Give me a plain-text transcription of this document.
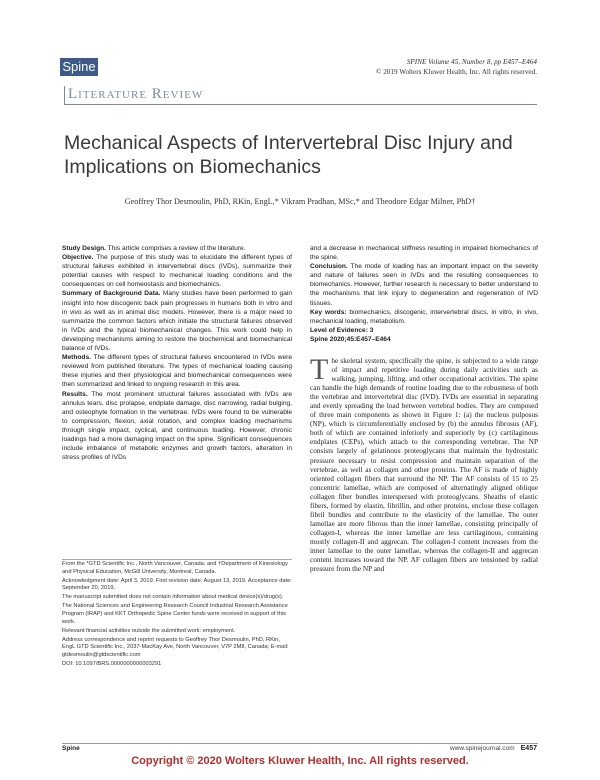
Spine	SPINE Volume 45, Number 8, pp E457–E464
© 2019 Wolters Kluwer Health, Inc. All rights reserved.
Literature Review
Mechanical Aspects of Intervertebral Disc Injury and Implications on Biomechanics
Geoffrey Thor Desmoulin, PhD, RKin, EngL,* Vikram Pradhan, MSc,* and Theodore Edgar Milner, PhD†

Study Design. This article comprises a review of the literature.

Objective. The purpose of this study was to elucidate the different types of structural failures exhibited in intervertebral discs (IVDs), summarize their potential causes with respect to mechanical loading conditions and the consequences on cell homeostasis and biomechanics.

Summary of Background Data. Many studies have been performed to gain insight into how discogenic back pain progresses in humans both in vitro and in vivo as well as in animal disc models. However, there is a major need to summarize the common factors which initiate the structural failures observed in IVDs and the typical biomechanical changes. This work could help in developing mechanisms aiming to restore the biochemical and biomechanical balance of IVDs.

Methods. The different types of structural failures encountered in IVDs were reviewed from published literature. The types of mechanical loading causing these injuries and their physiological and biomechanical consequences were then summarized and linked to ongoing research in this area.

Results. The most prominent structural failures associated with IVDs are annulus tears, disc prolapse, endplate damage, disc narrowing, radial bulging, and osteophyte formation in the vertebrae. IVDs were found to be vulnerable to compression, flexion, axial rotation, and complex loading mechanisms through single impact, cyclical, and continuous loading. However, chronic loadings had a more damaging impact on the spine. Significant consequences include imbalance of metabolic enzymes and growth factors, alteration in stress profiles of IVDs

and a decrease in mechanical stiffness resulting in impaired biomechanics of the spine.

Conclusion. The mode of loading has an important impact on the severity and nature of failures seen in IVDs and the resulting consequences to biomechanics. However, further research is necessary to better understand to the mechanisms that link injury to degeneration and regeneration of IVD tissues.

Key words: biomechanics, discogenic, intervertebral discs, in vitro, in vivo, mechanical loading, metabolism.

Level of Evidence: 3

Spine 2020;45:E457–E464

From the *GTD Scientific Inc., North Vancouver, Canada; and †Department of Kinesiology and Physical Education, McGill University, Montreal, Canada.

Acknowledgment date: April 3, 2019. First revision date: August 13, 2019. Acceptance date: September 20, 2019.

The manuscript submitted does not contain information about medical device(s)/drug(s).

The National Sciences and Engineering Research Council Industrial Research Assistance Program (IRAP) and KKT Orthopedic Spine Center funds were received in support of this work.

Relevant financial activities outside the submitted work: employment.

Address correspondence and reprint requests to Geoffrey Thor Desmoulin, PhD, RKin, EngL GTD Scientific Inc., 2037-MacKay Ave, North Vancouver, V7P 2M8, Canada; E-mail: gtdesmoulin@gtdscientific.com

DOI: 10.1097/BRS.0000000000003291

The skeletal system, specifically the spine, is subjected to a wide range of impact and repetitive loading during daily activities such as walking, jumping, lifting, and other occupational activities. The spine can handle the high demands of routine loading due to the robustness of both the vertebrae and intervertebral disc (IVD). IVDs are essential in separating and evenly spreading the load between vertebral bodies. They are composed of three main components as shown in Figure 1: (a) the nucleus pulposus (NP), which is circumferentially enclosed by (b) the annulus fibrosus (AF), both of which are contained inferiorly and superiorly by (c) cartilaginous endplates (CEPs), which attach to the corresponding vertebrae. The NP consists largely of gelatinous proteoglycans that maintain the hydrostatic pressure necessary to resist compression and maintain separation of the vertebrae, as well as collagen and other proteins. The AF is made of highly oriented collagen fibers that surround the NP. The AF consists of 15 to 25 concentric lamellae, which are composed of alternatingly aligned oblique collagen fiber bundles interspersed with proteoglycans. Sheaths of elastic fibers, formed by elastin, fibrillin, and other proteins, enclose these collagen fibril bundles and contribute to the elasticity of the lamellae. The outer lamellae are more fibrous than the inner lamellae, consisting principally of collagen-I, whereas the inner lamellae are less cartilaginous, containing mostly collagen-II and aggrecan. The collagen-I content increases from the inner lamellae to the outer lamellae, whereas the collagen-II and aggrecan content increases toward the NP. AF collagen fibers are tensioned by radial pressure from the NP and

Spine	www.spinejournal.com E457
Copyright © 2020 Wolters Kluwer Health, Inc. All rights reserved.
